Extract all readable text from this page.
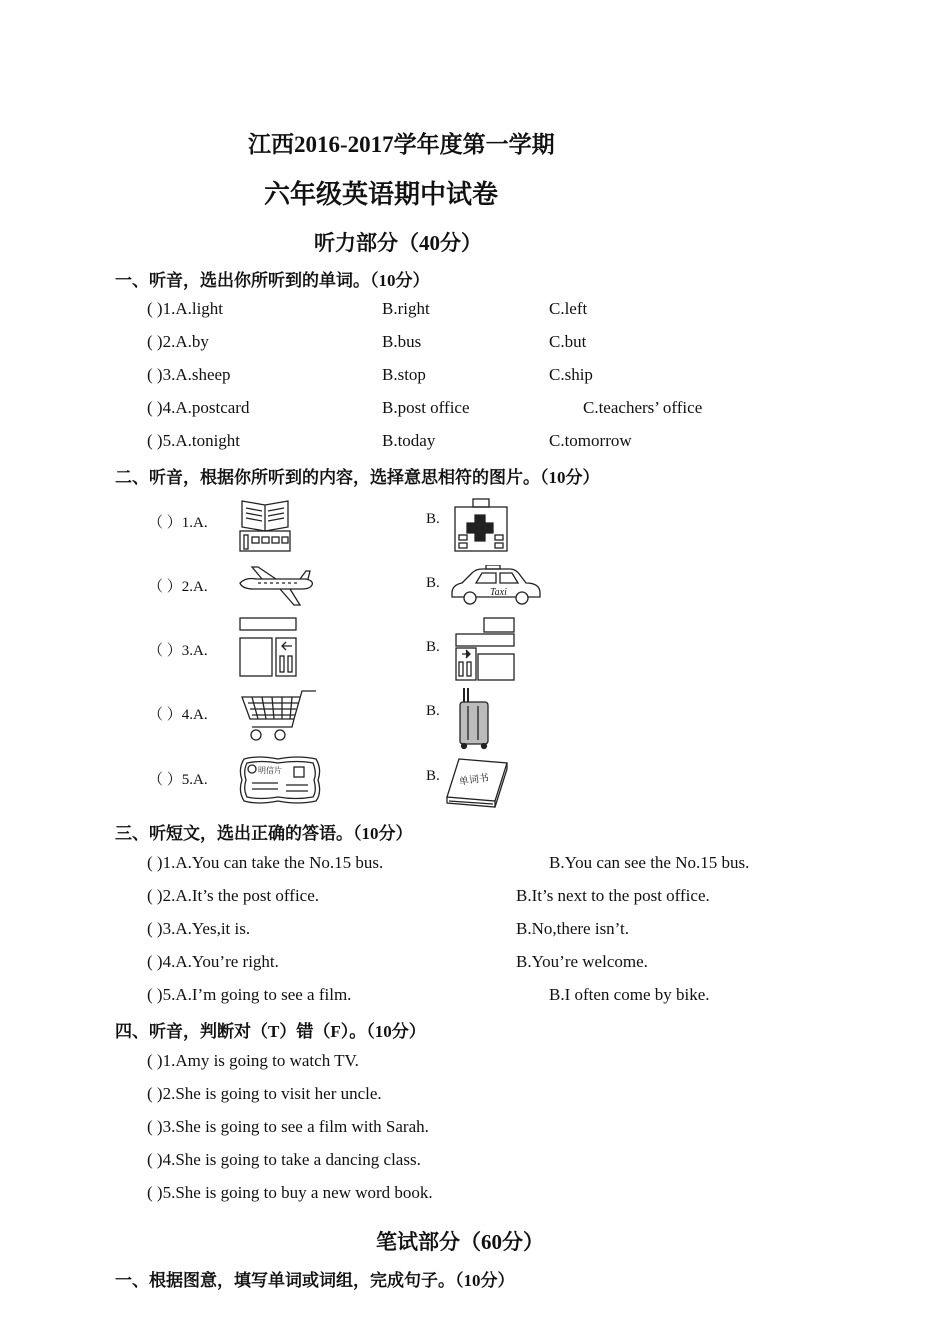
江西2016-2017学年度第一学期
六年级英语期中试卷
听力部分（40分）
一、听音，选出你所听到的单词。（10分）
( )1.A.light	B.right	C.left
( )2.A.by	B.bus	C.but
( )3.A.sheep	B.stop	C.ship
( )4.A.postcard	B.post office	C.teachers’ office
( )5.A.tonight	B.today	C.tomorrow
二、听音，根据你所听到的内容，选择意思相符的图片。（10分）
（ ）1.A.	B.
（ ）2.A.	B.
（ ）3.A.	B.
（ ）4.A.	B.
（ ）5.A.	B.
Taxi
明信片
单词书
三、听短文，选出正确的答语。（10分）
( )1.A.You can take the No.15 bus.	B.You can see the No.15 bus.
( )2.A.It’s the post office.	B.It’s next to the post office.
( )3.A.Yes,it is.	B.No,there isn’t.
( )4.A.You’re right.	B.You’re welcome.
( )5.A.I’m going to see a film.	B.I often come by bike.
四、听音，判断对（T）错（F）。（10分）
( )1.Amy is going to watch TV.
( )2.She is going to visit her uncle.
( )3.She is going to see a film with Sarah.
( )4.She is going to take a dancing class.
( )5.She is going to buy a new word book.
笔试部分（60分）
一、根据图意，填写单词或词组，完成句子。（10分）
